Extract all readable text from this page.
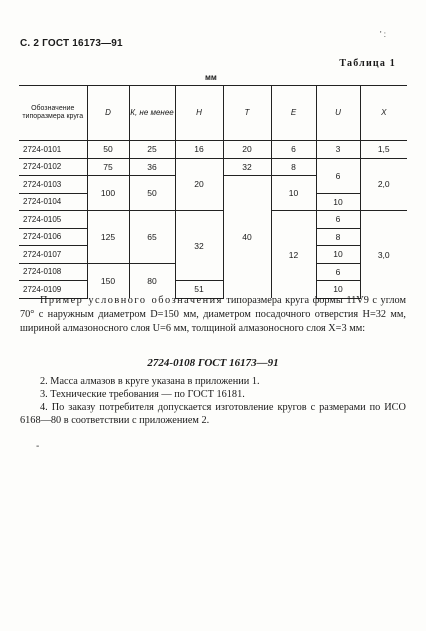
С. 2 ГОСТ 16173—91
Таблица 1
мм
Обозначение типоразмера круга	D	К, не менее	H	T	E	U	X
2724-0101	50	25	16	20	6	3	1,5
2724-0102	75	36	20	32	8	6	2,0
2724-0103	100	50		40	10		
2724-0104						10	
2724-0105	125	65	32		12	6	3,0
2724-0106						8	
2724-0107						10	
2724-0108	150	80				6	
2724-0109			51			10	
Пример условного обозначения типоразмера круга формы 11V9 с углом 70° с наружным диаметром D=150 мм, диаметром посадочного отверстия H=32 мм, шириной алмазоносного слоя U=6 мм, толщиной алмазоносного слоя X=3 мм:
2724-0108 ГОСТ 16173—91

2. Масса алмазов в круге указана в приложении 1.

3. Технические требования — по ГОСТ 16181.

4. По заказу потребителя допускается изготовление кругов с размерами по ИСО 6168—80 в соответствии с приложением 2.

-
' :
